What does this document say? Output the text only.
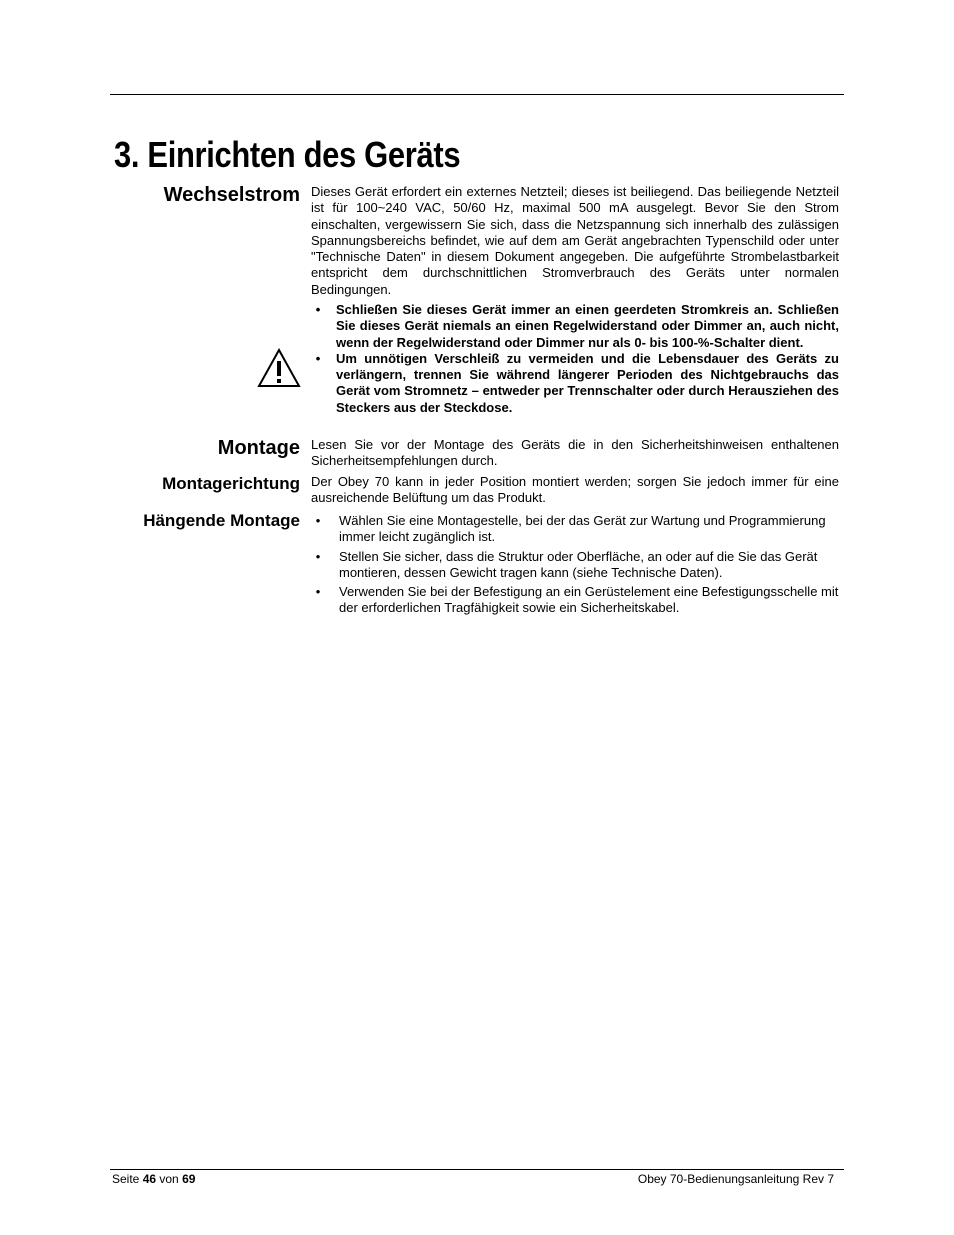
3. Einrichten des Geräts
Wechselstrom Dieses Gerät erfordert ein externes Netzteil; dieses ist beiliegend. Das beiliegende Netzteil ist für 100~240 VAC, 50/60 Hz, maximal 500 mA ausgelegt. Bevor Sie den Strom einschalten, vergewissern Sie sich, dass die Netzspannung sich innerhalb des zulässigen Spannungsbereichs befindet, wie auf dem am Gerät angebrachten Typenschild oder unter "Technische Daten" in diesem Dokument angegeben. Die aufgeführte Strombelastbarkeit entspricht dem durchschnittlichen Stromverbrauch des Geräts unter normalen Bedingungen.

•	Schließen Sie dieses Gerät immer an einen geerdeten Stromkreis an. Schließen Sie dieses Gerät niemals an einen Regelwiderstand oder Dimmer an, auch nicht, wenn der Regelwiderstand oder Dimmer nur als 0- bis 100-%-Schalter dient.
•	Um unnötigen Verschleiß zu vermeiden und die Lebensdauer des Geräts zu verlängern, trennen Sie während längerer Perioden des Nichtgebrauchs das Gerät vom Stromnetz – entweder per Trennschalter oder durch Herausziehen des Steckers aus der Steckdose.
Montage Lesen Sie vor der Montage des Geräts die in den Sicherheitshinweisen enthaltenen Sicherheitsempfehlungen durch.

Montagerichtung Der Obey 70 kann in jeder Position montiert werden; sorgen Sie jedoch immer für eine ausreichende Belüftung um das Produkt.

Hängende Montage	•	Wählen Sie eine Montagestelle, bei der das Gerät zur Wartung und Programmierung immer leicht zugänglich ist.
•	Stellen Sie sicher, dass die Struktur oder Oberfläche, an oder auf die Sie das Gerät montieren, dessen Gewicht tragen kann (siehe Technische Daten).
•	Verwenden Sie bei der Befestigung an ein Gerüstelement eine Befestigungsschelle mit der erforderlichen Tragfähigkeit sowie ein Sicherheitskabel.
Seite 46 von 69	Obey 70-Bedienungsanleitung Rev 7
